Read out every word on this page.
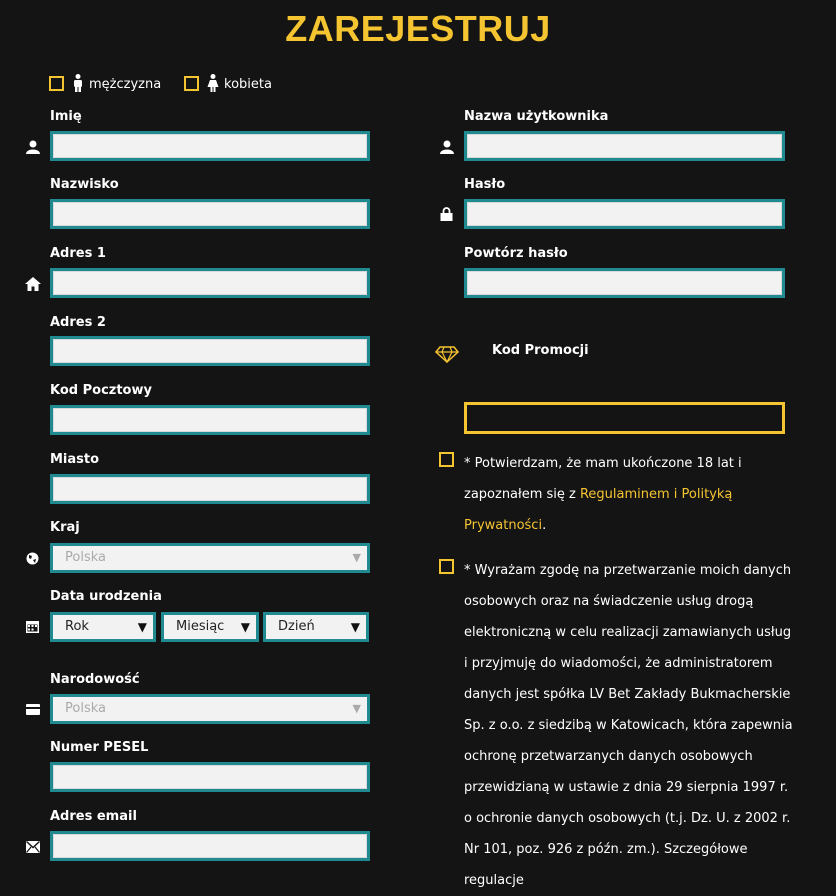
ZAREJESTRUJ
mężczyzna	kobieta
Imię
Nazwisko
Adres 1
Adres 2
Kod Pocztowy
Miasto
Kraj
Polska	▼
Data urodzenia
Rok	▼	Miesiąc ▼	Dzień	▼
Narodowość
Polska	▼
Numer PESEL
Adres email
Nazwa użytkownika
Hasło
Powtórz hasło
Kod Promocji
* Potwierdzam, że mam ukończone 18 lat i zapoznałem się z Regulaminem i Polityką Prywatności.
* Wyrażam zgodę na przetwarzanie moich danych osobowych oraz na świadczenie usług drogą elektroniczną w celu realizacji zamawianych usług i przyjmuję do wiadomości, że administratorem danych jest spółka LV Bet Zakłady Bukmacherskie Sp. z o.o. z siedzibą w Katowicach, która zapewnia ochronę przetwarzanych danych osobowych przewidzianą w ustawie z dnia 29 sierpnia 1997 r. o ochronie danych osobowych (t.j. Dz. U. z 2002 r. Nr 101, poz. 926 z późn. zm.). Szczegółowe regulacje
